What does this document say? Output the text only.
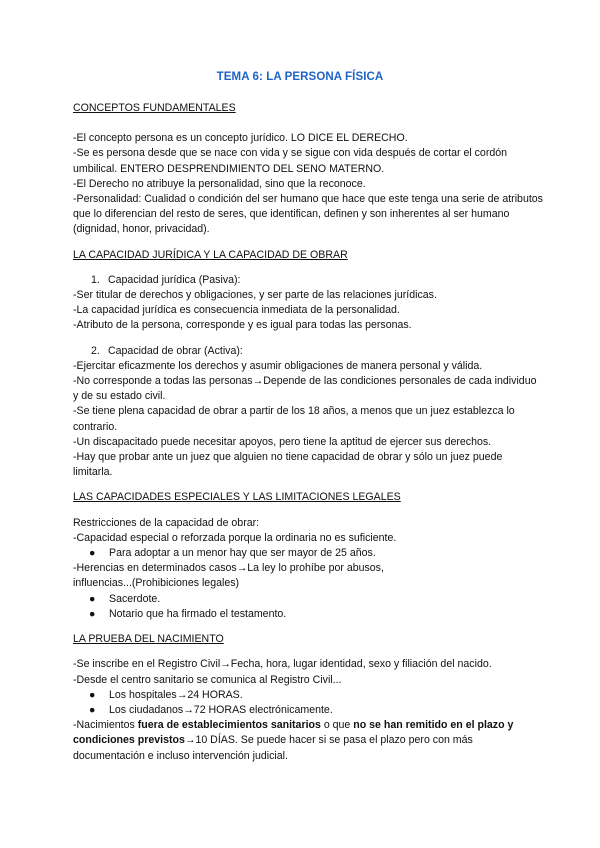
TEMA 6: LA PERSONA FÍSICA

CONCEPTOS FUNDAMENTALES

-El concepto persona es un concepto jurídico. LO DICE EL DERECHO.

-Se es persona desde que se nace con vida y se sigue con vida después de cortar el cordón umbilical. ENTERO DESPRENDIMIENTO DEL SENO MATERNO.

-El Derecho no atribuye la personalidad, sino que la reconoce.

-Personalidad: Cualidad o condición del ser humano que hace que este tenga una serie de atributos que lo diferencian del resto de seres, que identifican, definen y son inherentes al ser humano (dignidad, honor, privacidad).

LA CAPACIDAD JURÍDICA Y LA CAPACIDAD DE OBRAR

1. Capacidad jurídica (Pasiva):

-Ser titular de derechos y obligaciones, y ser parte de las relaciones jurídicas.

-La capacidad jurídica es consecuencia inmediata de la personalidad.

-Atributo de la persona, corresponde y es igual para todas las personas.

2. Capacidad de obrar (Activa):

-Ejercitar eficazmente los derechos y asumir obligaciones de manera personal y válida.

-No corresponde a todas las personas→Depende de las condiciones personales de cada individuo y de su estado civil.

-Se tiene plena capacidad de obrar a partir de los 18 años, a menos que un juez establezca lo contrario.

-Un discapacitado puede necesitar apoyos, pero tiene la aptitud de ejercer sus derechos.

-Hay que probar ante un juez que alguien no tiene capacidad de obrar y sólo un juez puede limitarla.

LAS CAPACIDADES ESPECIALES Y LAS LIMITACIONES LEGALES

Restricciones de la capacidad de obrar:

-Capacidad especial o reforzada porque la ordinaria no es suficiente.

● Para adoptar a un menor hay que ser mayor de 25 años.

-Herencias en determinados casos→La ley lo prohíbe por abusos, influencias...(Prohibiciones legales)

● Sacerdote.

● Notario que ha firmado el testamento.

LA PRUEBA DEL NACIMIENTO

-Se inscribe en el Registro Civil→Fecha, hora, lugar identidad, sexo y filiación del nacido.

-Desde el centro sanitario se comunica al Registro Civil...

● Los hospitales→24 HORAS.

● Los ciudadanos→72 HORAS electrónicamente.

-Nacimientos fuera de establecimientos sanitarios o que no se han remitido en el plazo y condiciones previstos→10 DÍAS. Se puede hacer si se pasa el plazo pero con más documentación e incluso intervención judicial.
